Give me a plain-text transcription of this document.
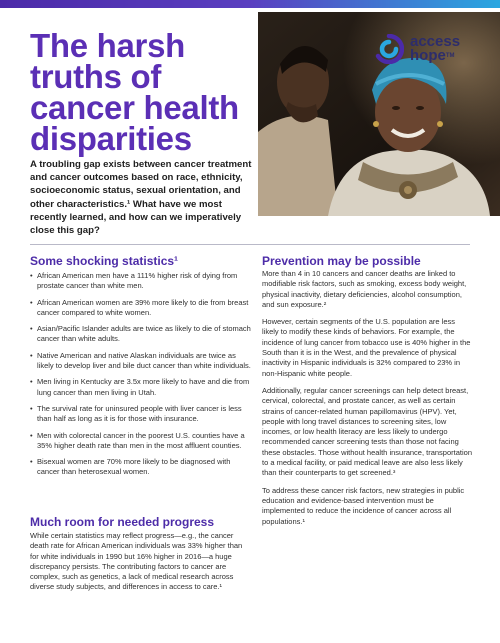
The harsh truths of cancer health disparities
access
hope™

A troubling gap exists between cancer treatment and cancer outcomes based on race, ethnicity, socioeconomic status, sexual orientation, and other characteristics.¹ What have we most recently learned, and how can we imperatively close this gap?

Some shocking statistics¹
• African American men have a 111% higher risk of dying from prostate cancer than white men.
• African American women are 39% more likely to die from breast cancer compared to white women.
• Asian/Pacific Islander adults are twice as likely to die of stomach cancer than white adults.
• Native American and native Alaskan individuals are twice as likely to develop liver and bile duct cancer than white individuals.
• Men living in Kentucky are 3.5x more likely to have and die from lung cancer than men living in Utah.
• The survival rate for uninsured people with liver cancer is less than half as long as it is for those with insurance.
• Men with colorectal cancer in the poorest U.S. counties have a 35% higher death rate than men in the most affluent counties.
• Bisexual women are 70% more likely to be diagnosed with cancer than heterosexual women.
Much room for needed progress

While certain statistics may reflect progress—e.g., the cancer death rate for African American individuals was 33% higher than for white individuals in 1990 but 16% higher in 2016—a huge discrepancy persists. The contributing factors to cancer are complex, such as genetics, a lack of medical research across diverse study subjects, and differences in access to care.¹

Prevention may be possible

More than 4 in 10 cancers and cancer deaths are linked to modifiable risk factors, such as smoking, excess body weight, physical inactivity, dietary deficiencies, alcohol consumption, and sun exposure.²

However, certain segments of the U.S. population are less likely to modify these kinds of behaviors. For example, the incidence of lung cancer from tobacco use is 40% higher in the South than it is in the West, and the prevalence of physical inactivity in Hispanic individuals is 32% compared to 23% in non-Hispanic white people.

Additionally, regular cancer screenings can help detect breast, cervical, colorectal, and prostate cancer, as well as certain strains of cancer-related human papillomavirus (HPV). Yet, people with long travel distances to screening sites, low incomes, or low health literacy are less likely to undergo recommended cancer screening tests than those not facing these obstacles. Those without health insurance, transportation to a medical facility, or paid medical leave are also less likely than their counterparts to get screened.³

To address these cancer risk factors, new strategies in public education and evidence-based intervention must be implemented to reduce the incidence of cancer across all populations.¹
